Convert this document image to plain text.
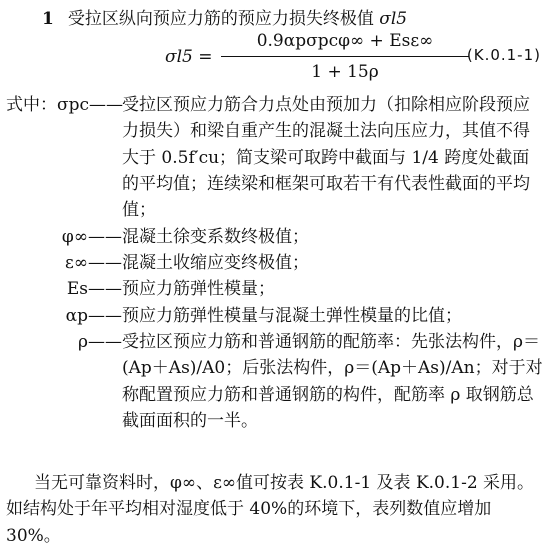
1 受拉区纵向预应力筋的预应力损失终极值 σl5
σl5 =
0.9αpσpcφ∞ + Esε∞
1 + 15ρ
(K.0.1-1)
式中：σpc——
受拉区预应力筋合力点处由预加力（扣除相应阶段预应力损失）和梁自重产生的混凝土法向压应力，其值不得大于 0.5f′cu；简支梁可取跨中截面与 1/4 跨度处截面的平均值；连续梁和框架可取若干有代表性截面的平均值；
φ∞—— 混凝土徐变系数终极值；
ε∞—— 混凝土收缩应变终极值；
Es—— 预应力筋弹性模量；
αp—— 预应力筋弹性模量与混凝土弹性模量的比值；
ρ—— 受拉区预应力筋和普通钢筋的配筋率：先张法构件，ρ＝(Ap＋As)/A0；后张法构件，ρ＝(Ap＋As)/An；对于对称配置预应力筋和普通钢筋的构件，配筋率 ρ 取钢筋总截面面积的一半。
当无可靠资料时，φ∞、ε∞值可按表 K.0.1-1 及表 K.0.1-2 采用。如结构处于年平均相对湿度低于 40%的环境下，表列数值应增加 30%。
